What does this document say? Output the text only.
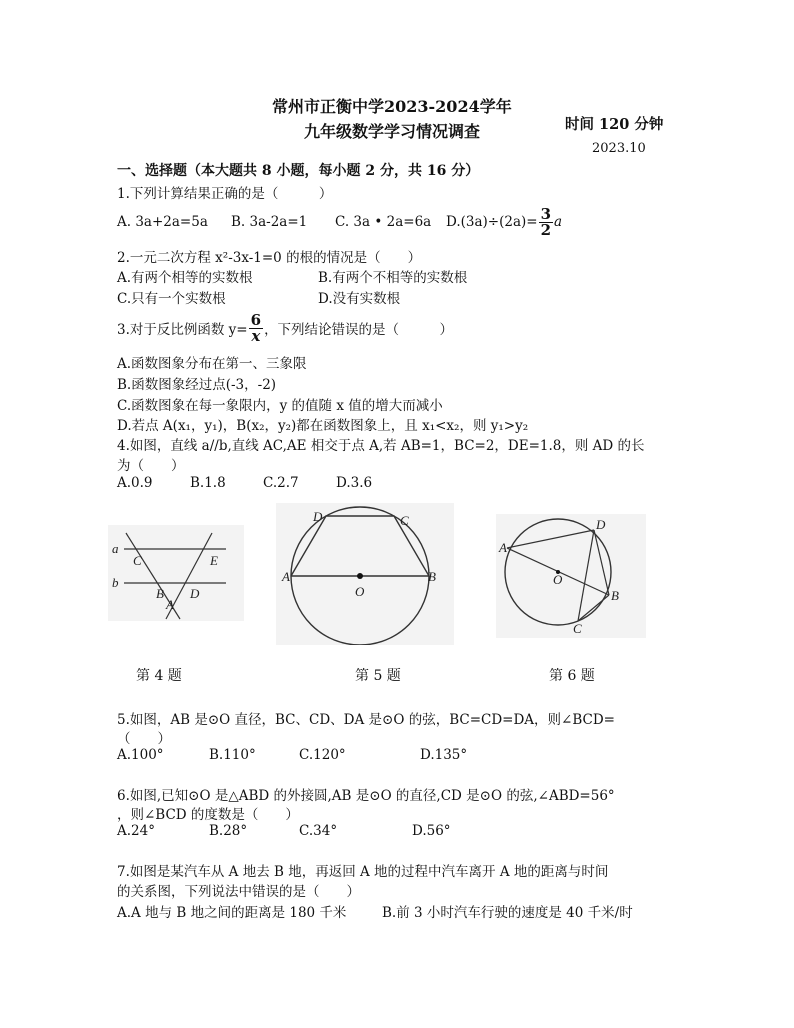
常州市正衡中学2023-2024学年
九年级数学学习情况调查	时间 120 分钟
2023.10
一、选择题（本大题共 8 小题，每小题 2 分，共 16 分）
1.下列计算结果正确的是（　　　）
A. 3a+2a=5a B. 3a-2a=1 C. 3a • 2a=6a $D.(3a)\div(2a)= \frac{3}{2}$ a
2.一元二次方程 x²-3x-1=0 的根的情况是（　　）
A.有两个相等的实数根	B.有两个不相等的实数根
C.只有一个实数根	D.没有实数根
3.对于反比例函数 $y= \frac{6}{x}$ ，下列结论错误的是（　　　）
A.函数图象分布在第一、三象限
B.函数图象经过点(-3，-2)
C.函数图象在每一象限内，y 的值随 x 值的增大而减小
D.若点 A(x₁，y₁)，B(x₂，y₂)都在函数图象上，且 x₁<x₂，则 y₁>y₂
4.如图，直线 a//b,直线 AC,AE 相交于点 A,若 AB=1，BC=2，DE=1.8，则 AD 的长
为（　　）
A.0.9	B.1.8	C.2.7	D.3.6
a
b
C	E
B D
A
A	B
C
D
O
A
B
C
D
O
第 4 题	第 5 题	第 6 题
5.如图，AB 是⊙O 直径，BC、CD、DA 是⊙O 的弦，BC=CD=DA，则∠BCD=
（　　）
A.100°	B.110°	C.120°	D.135°
6.如图,已知⊙O 是△ABD 的外接圆,AB 是⊙O 的直径,CD 是⊙O 的弦,∠ABD=56°
，则∠BCD 的度数是（　　）
A.24°	B.28°	C.34°	D.56°
7.如图是某汽车从 A 地去 B 地，再返回 A 地的过程中汽车离开 A 地的距离与时间
的关系图，下列说法中错误的是（　　）
A.A 地与 B 地之间的距离是 180 千米	B.前 3 小时汽车行驶的速度是 40 千米/时
